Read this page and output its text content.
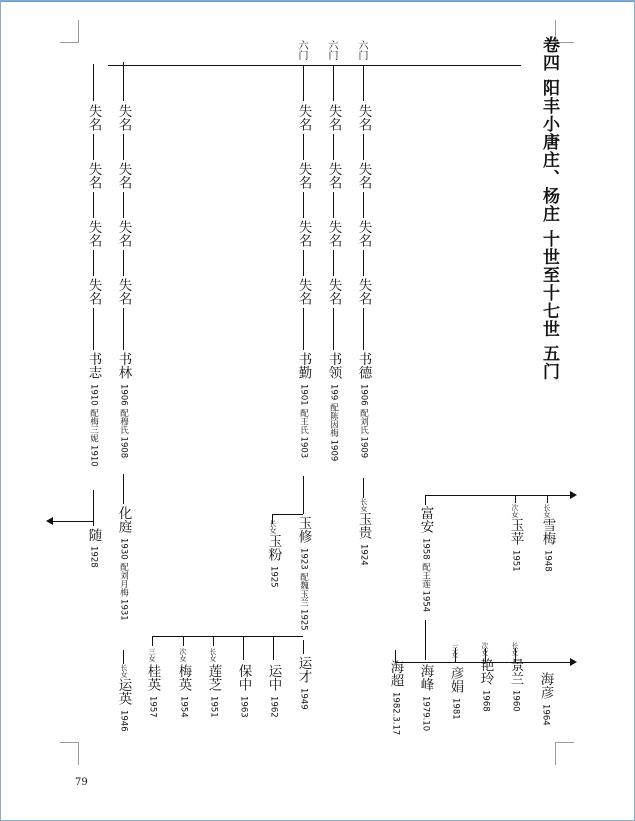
卷四 阳丰小唐庄、杨庄 十世至十七世 五门
六门 六门 六门
失名
失名
失名
失名
书德
1906 配刘氏 1909
长女
玉贵
1924
失名
失名
失名
失名
书领
199 配陈因梅 1909
失名
失名
失名
失名
书勤
1901 配王氏 1903
玉修
1923 配魏玉兰 1925
长女
玉粉
1925
运才
1949
运中
1962
保中
1963
长女
莲芝
1951
次女
梅英
1954
三女
桂英
1957
失名
失名
失名
失名
书林
1906 配穆氏 1908
化庭
1930 配刘月梅 1931
长女
运英
1946
失名
失名
失名
失名
书志
1910 配梅三妮 1910
随
1928
富安
1958 配王莲 1954
次女
玉苹
1951
长女
雪梅
1948
海超
1982.3.17
海峰
1979.10
三女
彦娟
1981
次女
艳玲
1968
长女
景兰
1960
海彦
1964
79
